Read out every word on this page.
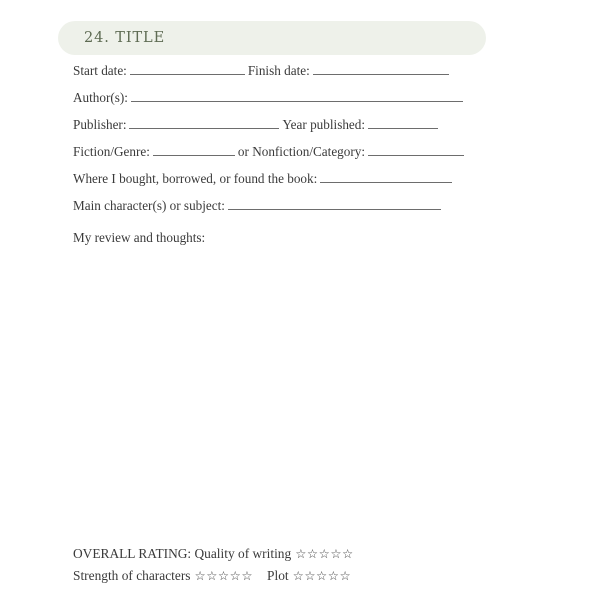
24. TITLE
Start date:	Finish date:
Author(s):
Publisher:	Year published:
Fiction/Genre:	or Nonfiction/Category:
Where I bought, borrowed, or found the book:
Main character(s) or subject:
My review and thoughts:
OVERALL RATING: Quality of writing ☆☆☆☆☆
Strength of characters ☆☆☆☆☆ Plot ☆☆☆☆☆
